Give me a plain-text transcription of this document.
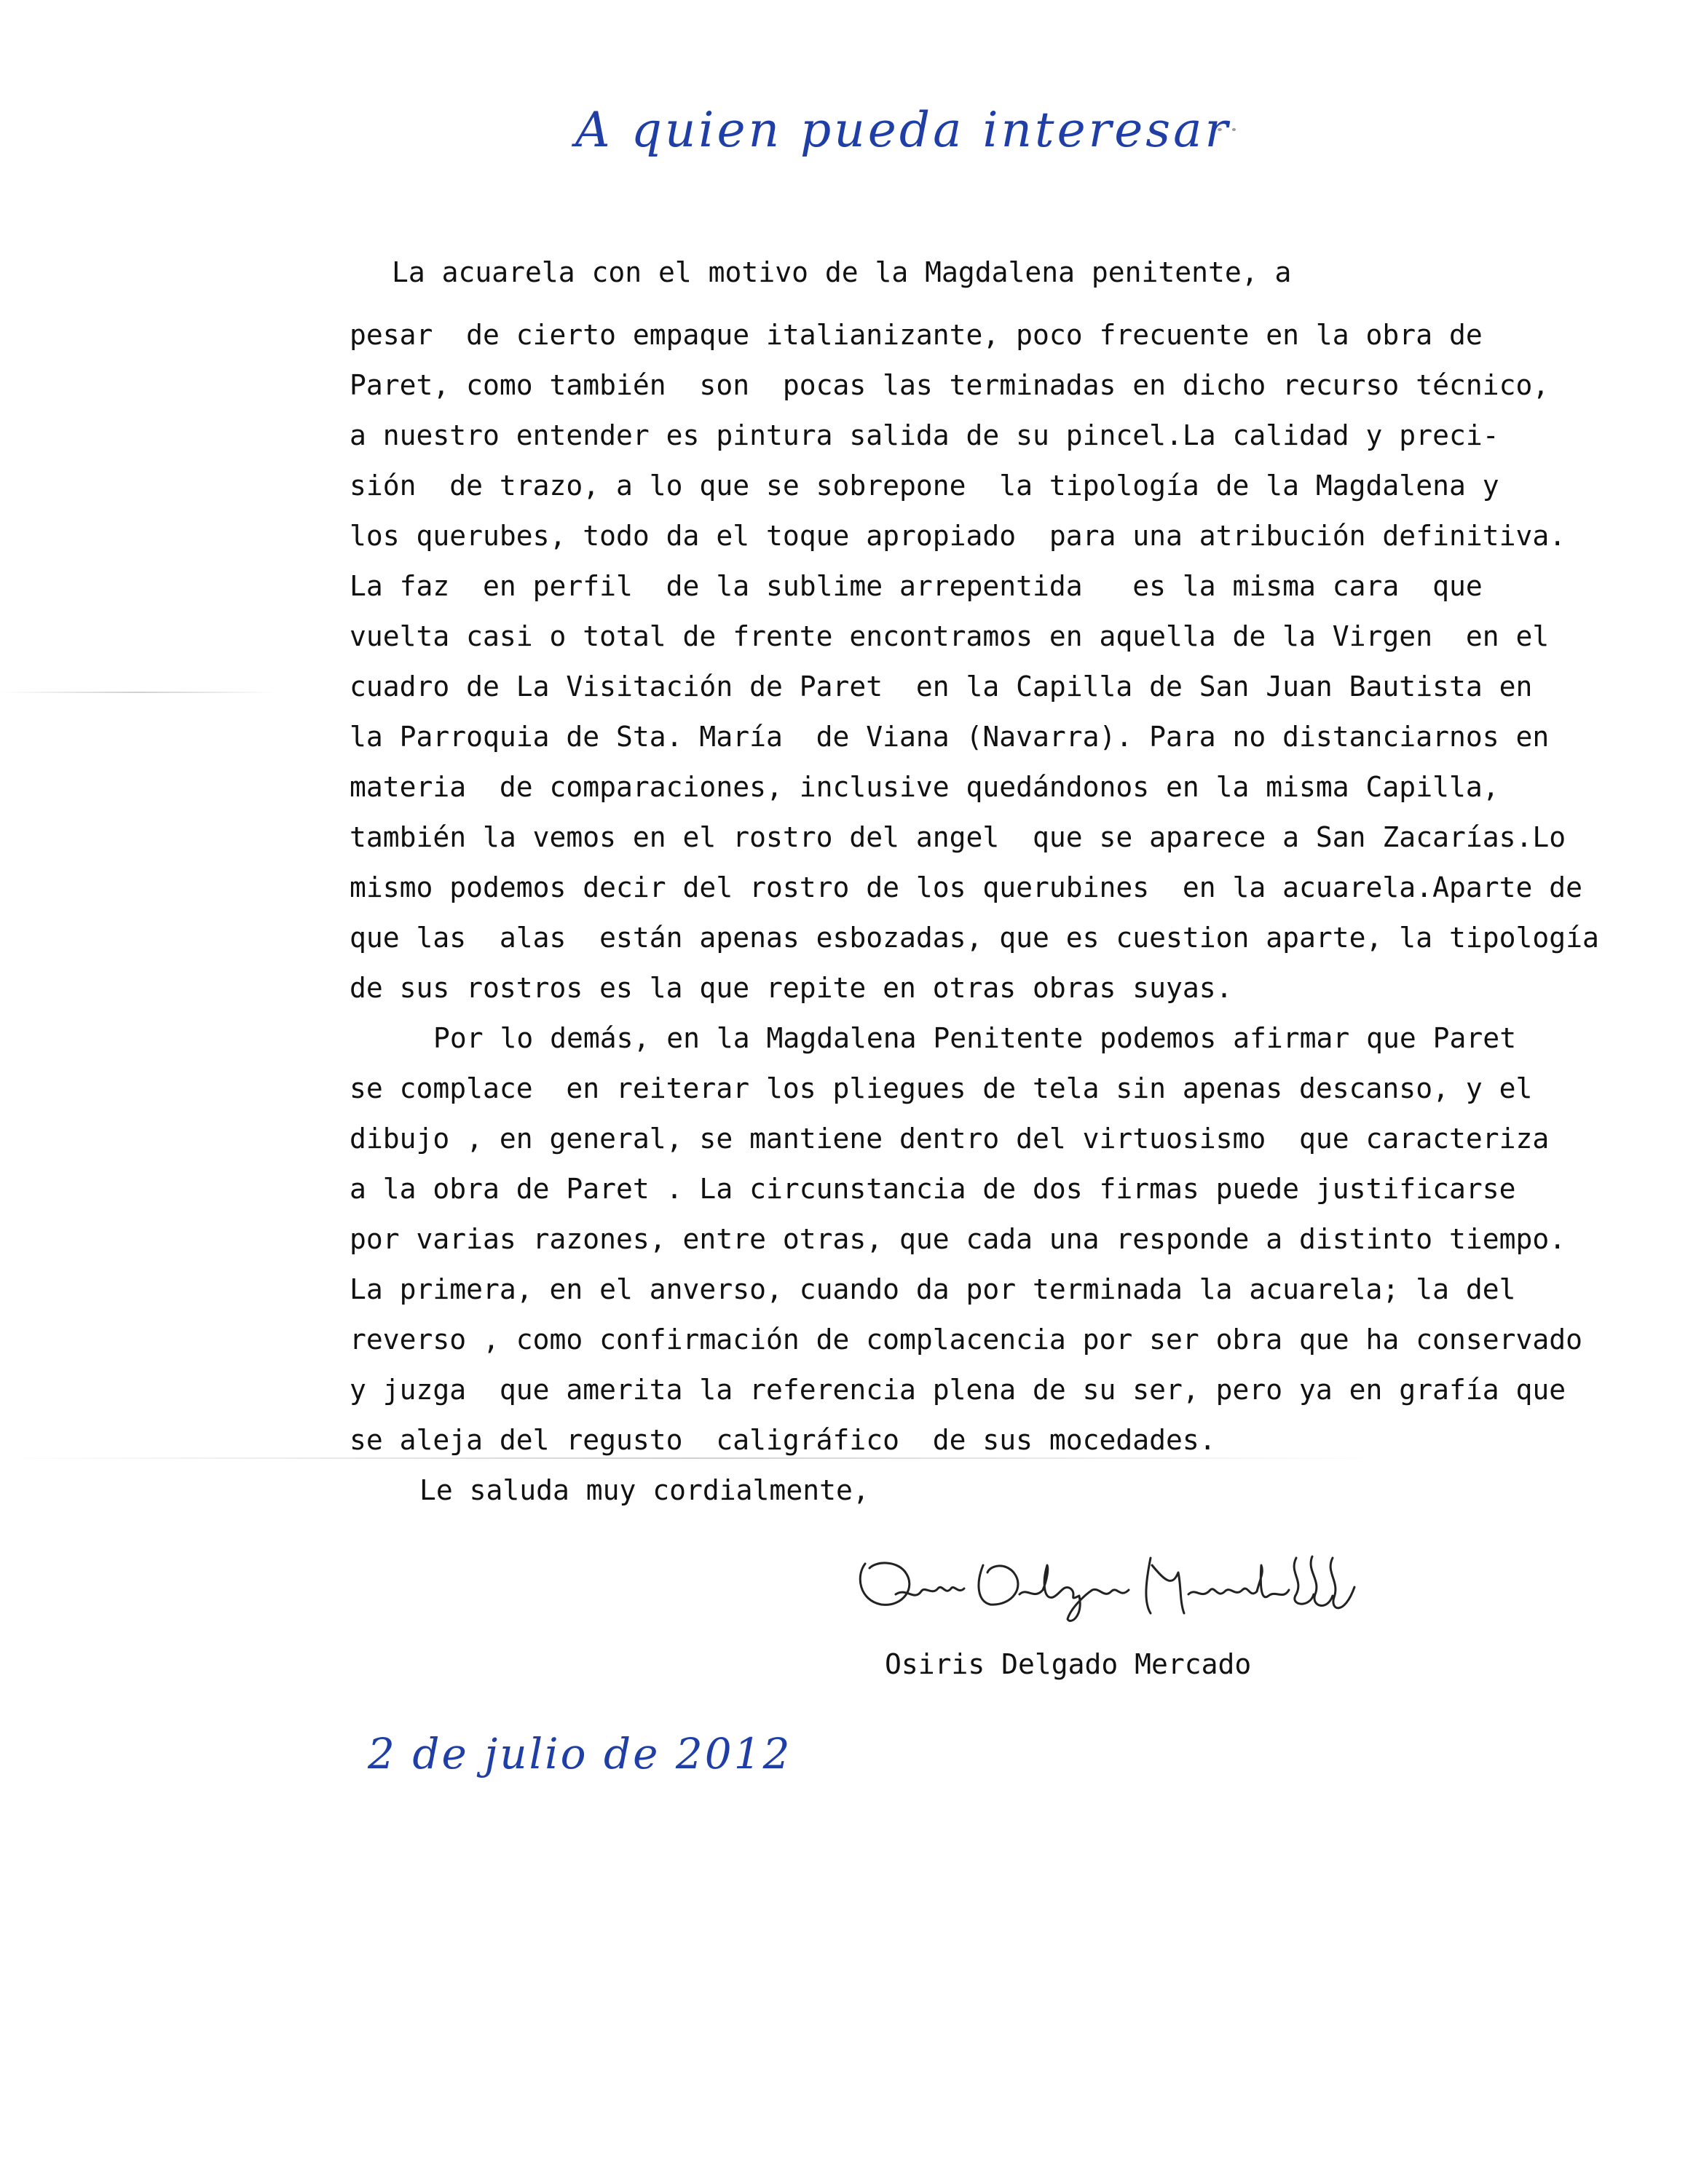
A quien pueda interesar

La acuarela con el motivo de la Magdalena penitente, a
pesar  de cierto empaque italianizante, poco frecuente en la obra de
Paret, como también  son  pocas las terminadas en dicho recurso técnico,
a nuestro entender es pintura salida de su pincel.La calidad y preci-
sión  de trazo, a lo que se sobrepone  la tipología de la Magdalena y
los querubes, todo da el toque apropiado  para una atribución definitiva.
La faz  en perfil  de la sublime arrepentida   es la misma cara  que
vuelta casi o total de frente encontramos en aquella de la Virgen  en el
cuadro de La Visitación de Paret  en la Capilla de San Juan Bautista en
la Parroquia de Sta. María  de Viana (Navarra). Para no distanciarnos en
materia  de comparaciones, inclusive quedándonos en la misma Capilla,
también la vemos en el rostro del angel  que se aparece a San Zacarías.Lo
mismo podemos decir del rostro de los querubines  en la acuarela.Aparte de
que las  alas  están apenas esbozadas, que es cuestion aparte, la tipología
de sus rostros es la que repite en otras obras suyas.
Por lo demás, en la Magdalena Penitente podemos afirmar que Paret
se complace  en reiterar los pliegues de tela sin apenas descanso, y el
dibujo , en general, se mantiene dentro del virtuosismo  que caracteriza
a la obra de Paret . La circunstancia de dos firmas puede justificarse
por varias razones, entre otras, que cada una responde a distinto tiempo.
La primera, en el anverso, cuando da por terminada la acuarela; la del
reverso , como confirmación de complacencia por ser obra que ha conservado
y juzga  que amerita la referencia plena de su ser, pero ya en grafía que
se aleja del regusto  caligráfico  de sus mocedades.
Le saluda muy cordialmente,
Osiris Delgado Mercado

2 de julio de 2012
